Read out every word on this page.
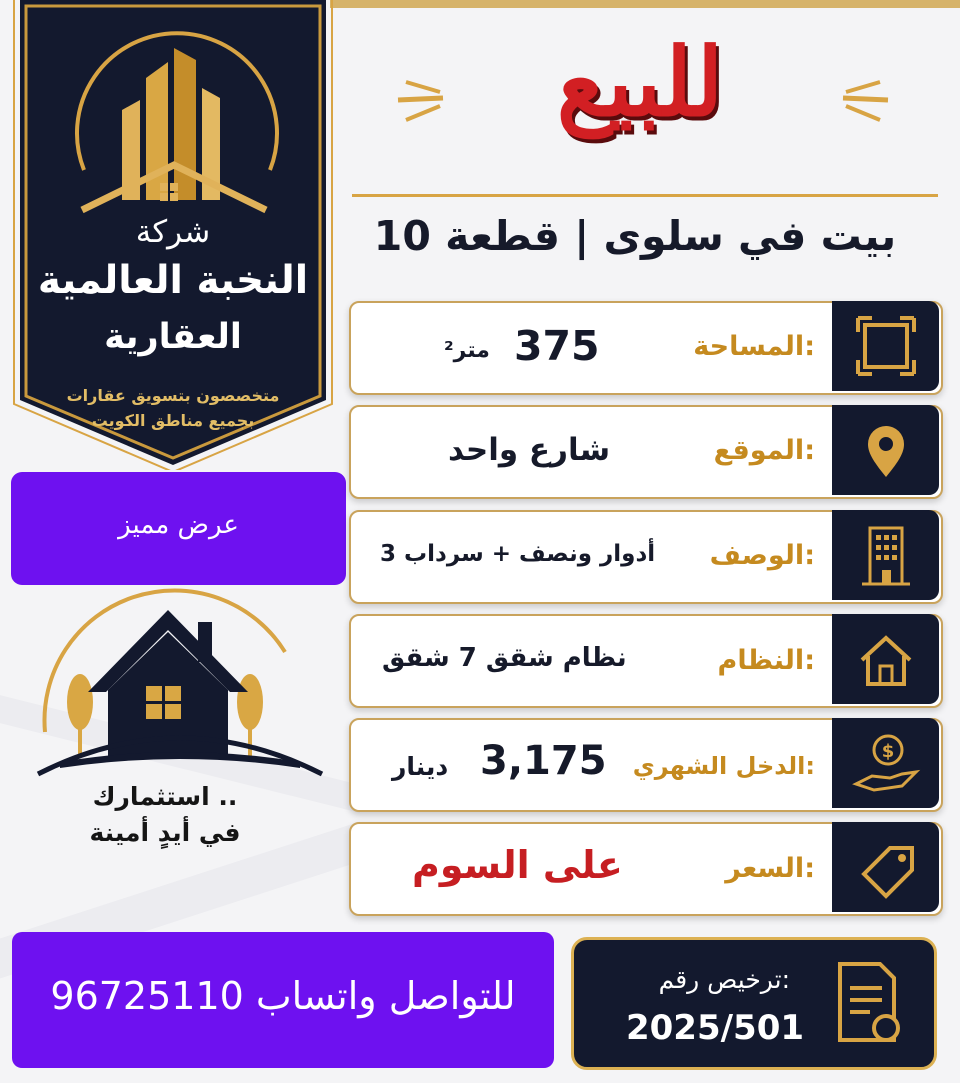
شركة
النخبة العالمية
العقارية
متخصصون بتسويق عقارات
بجميع مناطق الكويت
عرض مميز
استثمارك ..
في أيدٍ أمينة
للتواصل واتساب 96725110
للبيع
بيت في سلوى | قطعة 10
المساحة:
متر² 375
الموقع:
شارع واحد
الوصف:
3 أدوار ونصف + سرداب
النظام:
نظام شقق 7 شقق
$
الدخل الشهري:
دينار 3,175
السعر:
على السوم
ترخيص رقم:
2025/501
